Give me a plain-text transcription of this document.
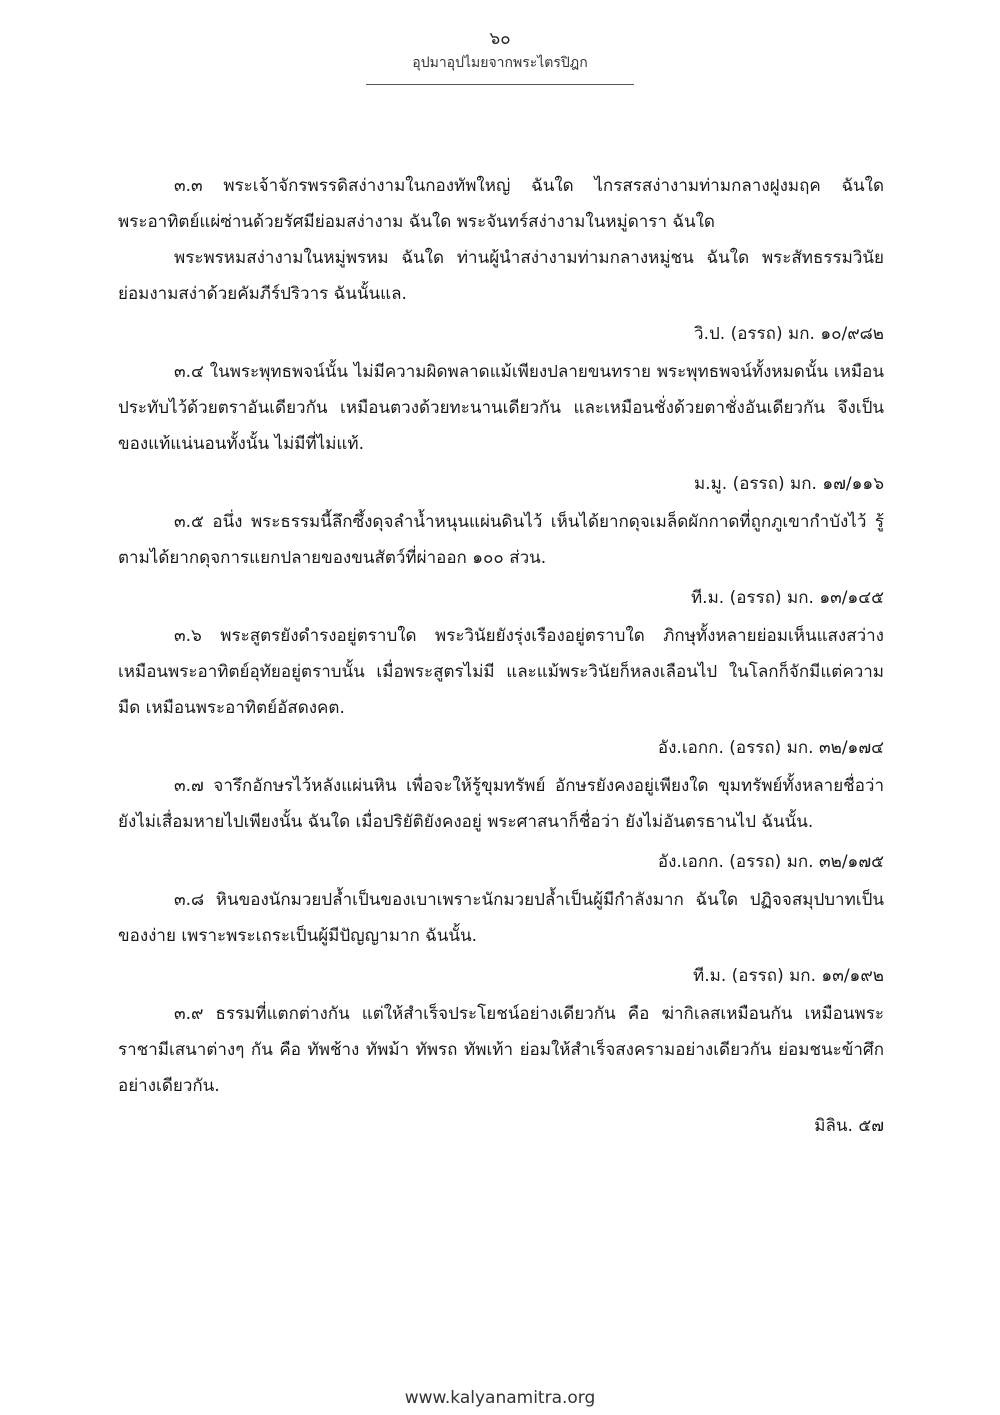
๖๐
อุปมาอุปไมยจากพระไตรปิฎก

๓.๓ พระเจ้าจักรพรรดิสง่างามในกองทัพใหญ่ ฉันใด ไกรสรสง่างามท่ามกลางฝูงมฤค ฉันใด พระอาทิตย์แผ่ซ่านด้วยรัศมีย่อมสง่างาม ฉันใด พระจันทร์สง่างามในหมู่ดารา ฉันใด

พระพรหมสง่างามในหมู่พรหม ฉันใด ท่านผู้นำสง่างามท่ามกลางหมู่ชน ฉันใด พระสัทธรรมวินัยย่อมงามสง่าด้วยคัมภีร์ปริวาร ฉันนั้นแล.

วิ.ป. (อรรถ) มก. ๑๐/๙๘๒

๓.๔ ในพระพุทธพจน์นั้น ไม่มีความผิดพลาดแม้เพียงปลายขนทราย พระพุทธพจน์ทั้งหมดนั้น เหมือนประทับไว้ด้วยตราอันเดียวกัน เหมือนตวงด้วยทะนานเดียวกัน และเหมือนชั่งด้วยตาชั่งอันเดียวกัน จึงเป็นของแท้แน่นอนทั้งนั้น ไม่มีที่ไม่แท้.

ม.มู. (อรรถ) มก. ๑๗/๑๑๖

๓.๕ อนึ่ง พระธรรมนี้ลึกซึ้งดุจลำน้ำหนุนแผ่นดินไว้ เห็นได้ยากดุจเมล็ดผักกาดที่ถูกภูเขากำบังไว้ รู้ตามได้ยากดุจการแยกปลายของขนสัตว์ที่ผ่าออก ๑๐๐ ส่วน.

ที.ม. (อรรถ) มก. ๑๓/๑๔๕

๓.๖ พระสูตรยังดำรงอยู่ตราบใด พระวินัยยังรุ่งเรืองอยู่ตราบใด ภิกษุทั้งหลายย่อมเห็นแสงสว่างเหมือนพระอาทิตย์อุทัยอยู่ตราบนั้น เมื่อพระสูตรไม่มี และแม้พระวินัยก็หลงเลือนไป ในโลกก็จักมีแต่ความมืด เหมือนพระอาทิตย์อัสดงคต.

อัง.เอกก. (อรรถ) มก. ๓๒/๑๗๔

๓.๗ จารึกอักษรไว้หลังแผ่นหิน เพื่อจะให้รู้ขุมทรัพย์ อักษรยังคงอยู่เพียงใด ขุมทรัพย์ทั้งหลายชื่อว่า ยังไม่เสื่อมหายไปเพียงนั้น ฉันใด เมื่อปริยัติยังคงอยู่ พระศาสนาก็ชื่อว่า ยังไม่อันตรธานไป ฉันนั้น.

อัง.เอกก. (อรรถ) มก. ๓๒/๑๗๕

๓.๘ หินของนักมวยปล้ำเป็นของเบาเพราะนักมวยปล้ำเป็นผู้มีกำลังมาก ฉันใด ปฏิจจสมุปบาทเป็นของง่าย เพราะพระเถระเป็นผู้มีปัญญามาก ฉันนั้น.

ที.ม. (อรรถ) มก. ๑๓/๑๙๒

๓.๙ ธรรมที่แตกต่างกัน แต่ให้สำเร็จประโยชน์อย่างเดียวกัน คือ ฆ่ากิเลสเหมือนกัน เหมือนพระราชามีเสนาต่างๆ กัน คือ ทัพช้าง ทัพม้า ทัพรถ ทัพเท้า ย่อมให้สำเร็จสงครามอย่างเดียวกัน ย่อมชนะข้าศึกอย่างเดียวกัน.

มิลิน. ๕๗
www.kalyanamitra.org
